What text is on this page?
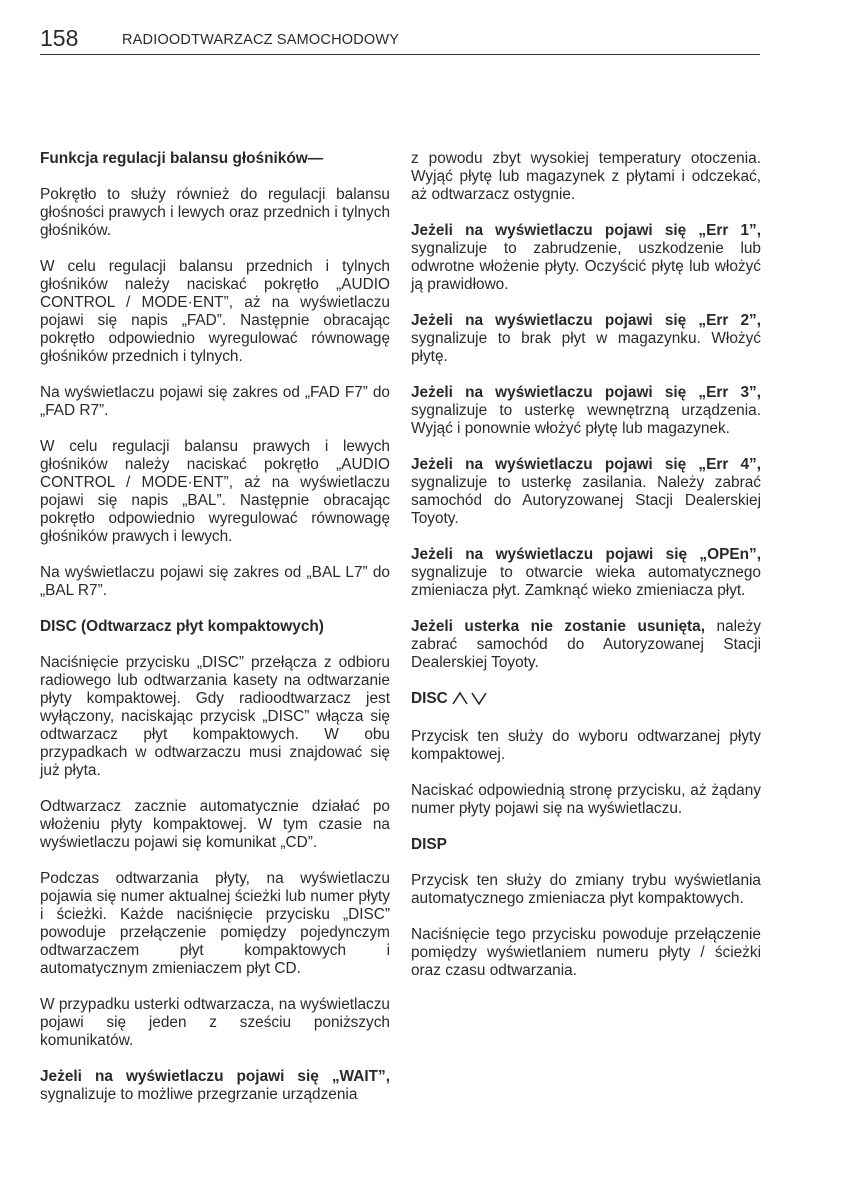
158	RADIOODTWARZACZ SAMOCHODOWY

Funkcja regulacji balansu głośników—

Pokrętło to służy również do regulacji balansu głośności prawych i lewych oraz przednich i tylnych głośników.

W celu regulacji balansu przednich i tylnych głośników należy naciskać pokrętło „AUDIO CONTROL / MODE·ENT”, aż na wyświetlaczu pojawi się napis „FAD”. Następnie obracając pokrętło odpowiednio wyregulować równowagę głośników przednich i tylnych.

Na wyświetlaczu pojawi się zakres od „FAD F7” do „FAD R7”.

W celu regulacji balansu prawych i lewych głośników należy naciskać pokrętło „AUDIO CONTROL / MODE·ENT”, aż na wyświetlaczu pojawi się napis „BAL”. Następnie obracając pokrętło odpowiednio wyregulować równowagę głośników prawych i lewych.

Na wyświetlaczu pojawi się zakres od „BAL L7” do „BAL R7”.

DISC (Odtwarzacz płyt kompaktowych)

Naciśnięcie przycisku „DISC” przełącza z odbioru radiowego lub odtwarzania kasety na odtwarzanie płyty kompaktowej. Gdy radioodtwarzacz jest wyłączony, naciskając przycisk „DISC” włącza się odtwarzacz płyt kompaktowych. W obu przypadkach w odtwarzaczu musi znajdować się już płyta.

Odtwarzacz zacznie automatycznie działać po włożeniu płyty kompaktowej. W tym czasie na wyświetlaczu pojawi się komunikat „CD”.

Podczas odtwarzania płyty, na wyświetlaczu pojawia się numer aktualnej ścieżki lub numer płyty i ścieżki. Każde naciśnięcie przycisku „DISC” powoduje przełączenie pomiędzy pojedynczym odtwarzaczem płyt kompaktowych i automatycznym zmieniaczem płyt CD.

W przypadku usterki odtwarzacza, na wyświetlaczu pojawi się jeden z sześciu poniższych komunikatów.

Jeżeli na wyświetlaczu pojawi się „WAIT”, sygnalizuje to możliwe przegrzanie urządzenia

z powodu zbyt wysokiej temperatury otoczenia. Wyjąć płytę lub magazynek z płytami i odczekać, aż odtwarzacz ostygnie.

Jeżeli na wyświetlaczu pojawi się „Err 1”, sygnalizuje to zabrudzenie, uszkodzenie lub odwrotne włożenie płyty. Oczyścić płytę lub włożyć ją prawidłowo.

Jeżeli na wyświetlaczu pojawi się „Err 2”, sygnalizuje to brak płyt w magazynku. Włożyć płytę.

Jeżeli na wyświetlaczu pojawi się „Err 3”, sygnalizuje to usterkę wewnętrzną urządzenia. Wyjąć i ponownie włożyć płytę lub magazynek.

Jeżeli na wyświetlaczu pojawi się „Err 4”, sygnalizuje to usterkę zasilania. Należy zabrać samochód do Autoryzowanej Stacji Dealerskiej Toyoty.

Jeżeli na wyświetlaczu pojawi się „OPEn”, sygnalizuje to otwarcie wieka automatycznego zmieniacza płyt. Zamknąć wieko zmieniacza płyt.

Jeżeli usterka nie zostanie usunięta, należy zabrać samochód do Autoryzowanej Stacji Dealerskiej Toyoty.

DISC

Przycisk ten służy do wyboru odtwarzanej płyty kompaktowej.

Naciskać odpowiednią stronę przycisku, aż żądany numer płyty pojawi się na wyświetlaczu.

DISP

Przycisk ten służy do zmiany trybu wyświetlania automatycznego zmieniacza płyt kompaktowych.

Naciśnięcie tego przycisku powoduje przełączenie pomiędzy wyświetlaniem numeru płyty / ścieżki oraz czasu odtwarzania.
